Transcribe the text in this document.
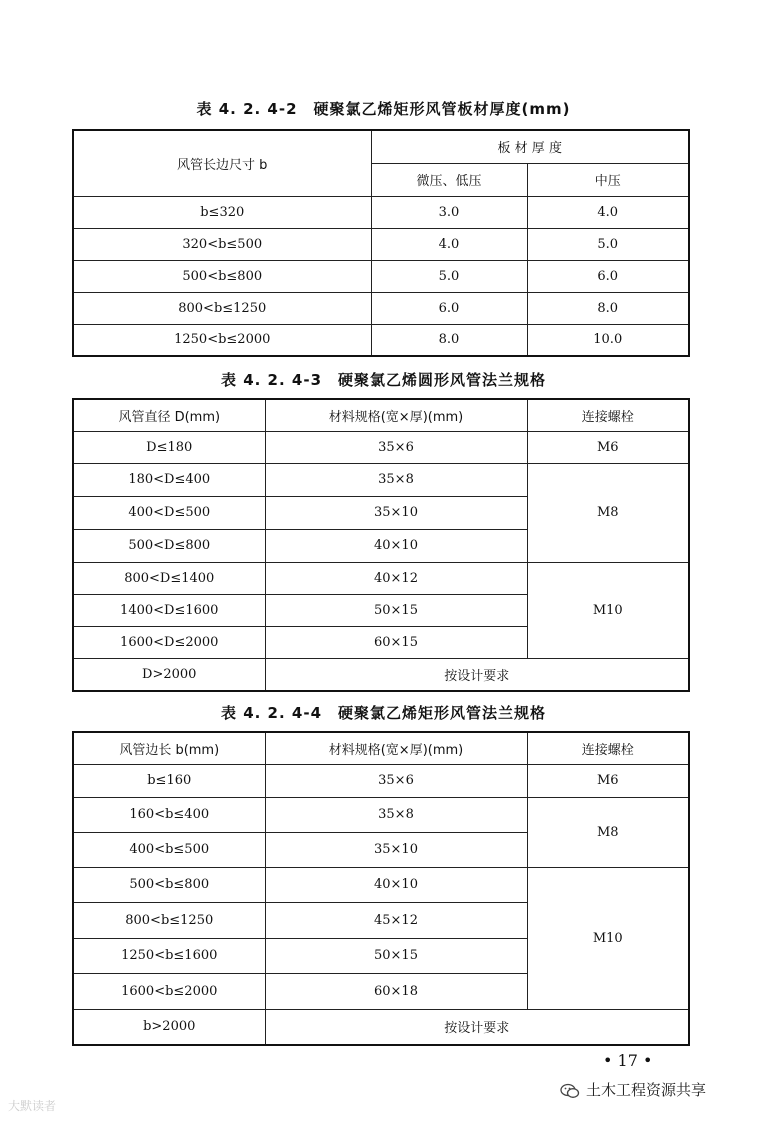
表 4. 2. 4-2　硬聚氯乙烯矩形风管板材厚度(mm)
风管长边尺寸 b	板 材 厚 度	
	微压、低压	中压
b≤320	3.0	4.0
320<b≤500	4.0	5.0
500<b≤800	5.0	6.0
800<b≤1250	6.0	8.0
1250<b≤2000	8.0	10.0
表 4. 2. 4-3　硬聚氯乙烯圆形风管法兰规格
风管直径 D(mm)	材料规格(宽×厚)(mm)	连接螺栓
D≤180	35×6	M6
180<D≤400	35×8	M8
400<D≤500	35×10	
500<D≤800	40×10	
800<D≤1400	40×12	M10
1400<D≤1600	50×15	
1600<D≤2000	60×15	
D>2000	按设计要求	
表 4. 2. 4-4　硬聚氯乙烯矩形风管法兰规格
风管边长 b(mm)	材料规格(宽×厚)(mm)	连接螺栓
b≤160	35×6	M6
160<b≤400	35×8	M8
400<b≤500	35×10	
500<b≤800	40×10	M10
800<b≤1250	45×12	
1250<b≤1600	50×15	
1600<b≤2000	60×18	
b>2000	按设计要求	
• 17 •
土木工程资源共享
大默读者
